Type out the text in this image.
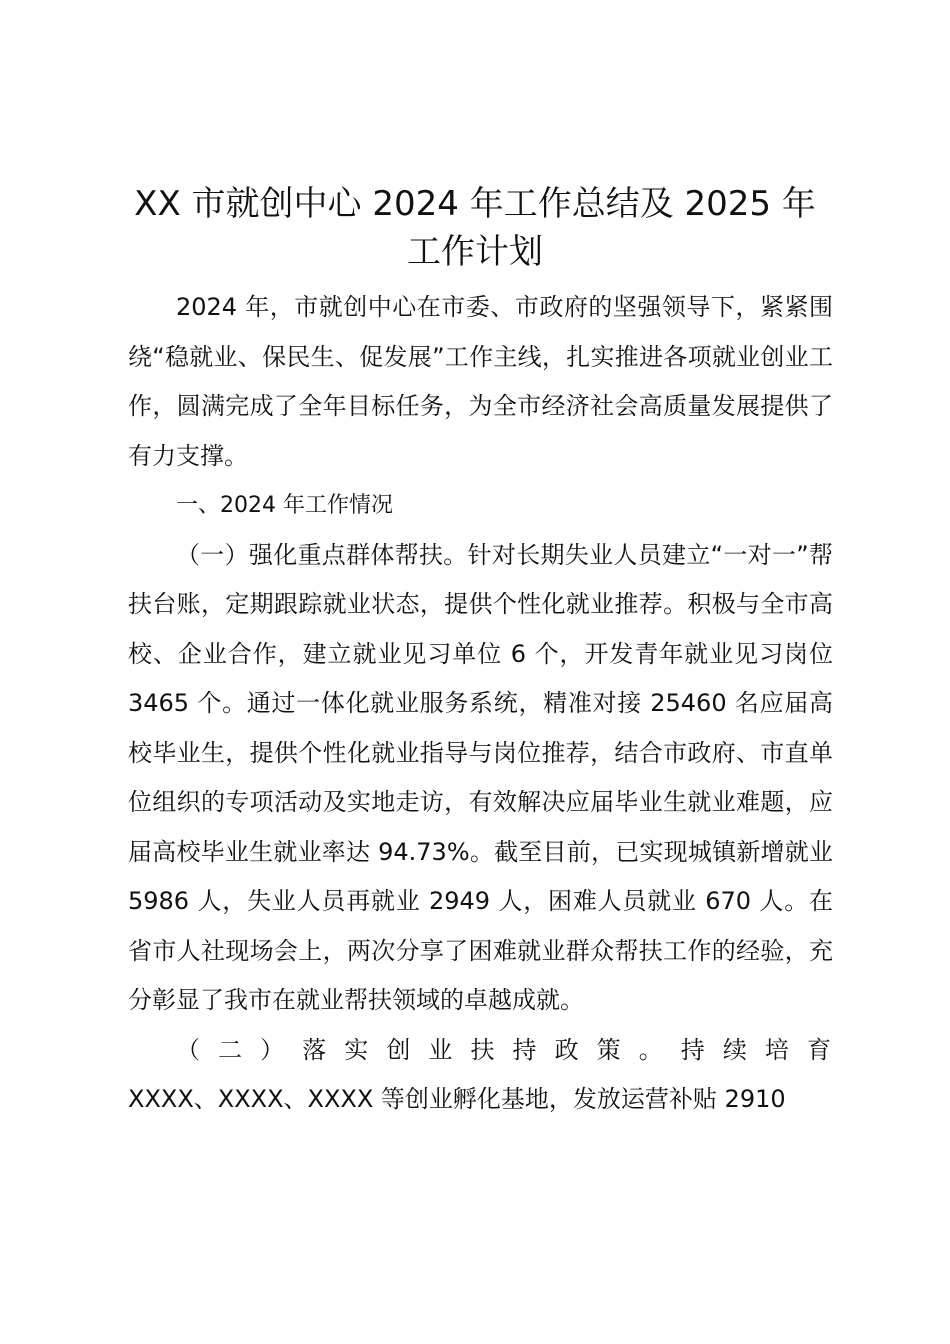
XX 市就创中心 2024 年工作总结及 2025 年
工作计划

2024 年，市就创中心在市委、市政府的坚强领导下，紧紧围绕“稳就业、保民生、促发展”工作主线，扎实推进各项就业创业工作，圆满完成了全年目标任务，为全市经济社会高质量发展提供了有力支撑。

一、2024 年工作情况

（一）强化重点群体帮扶。针对长期失业人员建立“一对一”帮扶台账，定期跟踪就业状态，提供个性化就业推荐。积极与全市高校、企业合作，建立就业见习单位 6 个，开发青年就业见习岗位 3465 个。通过一体化就业服务系统，精准对接 25460 名应届高校毕业生，提供个性化就业指导与岗位推荐，结合市政府、市直单位组织的专项活动及实地走访，有效解决应届毕业生就业难题，应届高校毕业生就业率达 94.73%。截至目前，已实现城镇新增就业 5986 人，失业人员再就业 2949 人，困难人员就业 670 人。在省市人社现场会上，两次分享了困难就业群众帮扶工作的经验，充分彰显了我市在就业帮扶领域的卓越成就。

（二）落实创业扶持政策。持续培育
XXXX、XXXX、XXXX 等创业孵化基地，发放运营补贴 2910
